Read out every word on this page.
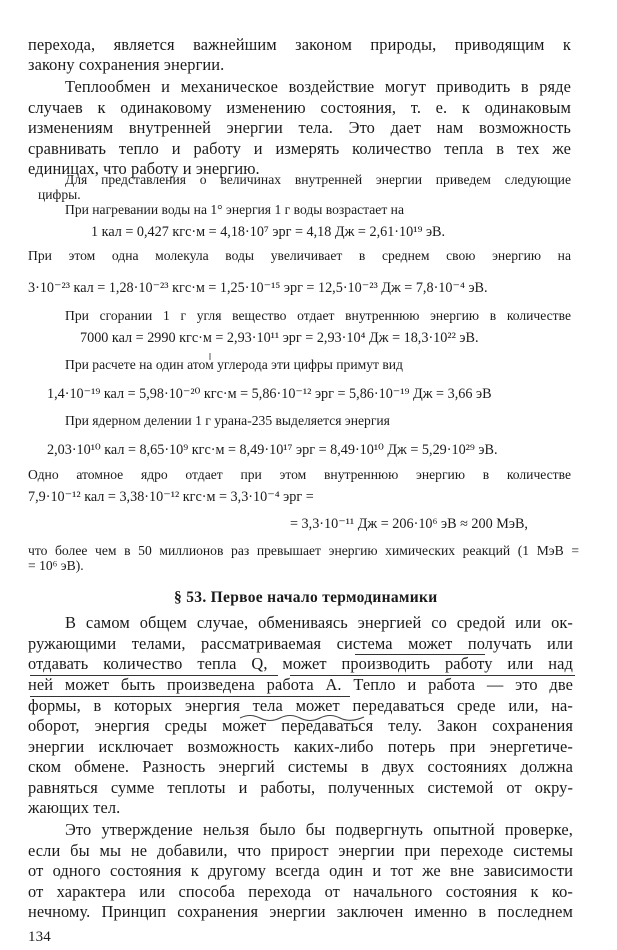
перехода, является важнейшим законом природы, приводящим к
закону сохранения энергии.
Теплообмен и механическое воздействие могут приводить в ряде
случаев к одинаковому изменению состояния, т. е. к одинаковым
изменениям внутренней энергии тела. Это дает нам возможность
сравнивать тепло и работу и измерять количество тепла в тех же
единицах, что работу и энергию.
Для представления о величинах внутренней энергии приведем следующие
цифры.
При нагревании воды на 1° энергия 1 г воды возрастает на
1 кал = 0,427 кгс·м = 4,18·10⁷ эрг = 4,18 Дж = 2,61·10¹⁹ эВ.
При этом одна молекула воды увеличивает в среднем свою энергию на
3·10⁻²³ кал = 1,28·10⁻²³ кгс·м = 1,25·10⁻¹⁵ эрг = 12,5·10⁻²³ Дж = 7,8·10⁻⁴ эВ.
При сгорании 1 г угля вещество отдает внутреннюю энергию в количестве
7000 кал = 2990 кгс·м = 2,93·10¹¹ эрг = 2,93·10⁴ Дж = 18,3·10²² эВ.
При расчете на один атом углерода эти цифры примут вид
1,4·10⁻¹⁹ кал = 5,98·10⁻²⁰ кгс·м = 5,86·10⁻¹² эрг = 5,86·10⁻¹⁹ Дж = 3,66 эВ
При ядерном делении 1 г урана-235 выделяется энергия
2,03·10¹⁰ кал = 8,65·10⁹ кгс·м = 8,49·10¹⁷ эрг = 8,49·10¹⁰ Дж = 5,29·10²⁹ эВ.
Одно атомное ядро отдает при этом внутреннюю энергию в количестве
7,9·10⁻¹² кал = 3,38·10⁻¹² кгс·м = 3,3·10⁻⁴ эрг =
= 3,3·10⁻¹¹ Дж = 206·10⁶ эВ ≈ 200 МэВ,
что более чем в 50 миллионов раз превышает энергию химических реакций (1 МэВ =
= 10⁶ эВ).
§ 53. Первое начало термодинамики
В самом общем случае, обмениваясь энергией со средой или ок-
ружающими телами, рассматриваемая система может получать или
отдавать количество тепла Q, может производить работу или над
ней может быть произведена работа A. Тепло и работа — это две
формы, в которых энергия тела может передаваться среде или, на-
оборот, энергия среды может передаваться телу. Закон сохранения
энергии исключает возможность каких-либо потерь при энергетиче-
ском обмене. Разность энергий системы в двух состояниях должна
равняться сумме теплоты и работы, полученных системой от окру-
жающих тел.
Это утверждение нельзя было бы подвергнуть опытной проверке,
если бы мы не добавили, что прирост энергии при переходе системы
от одного состояния к другому всегда один и тот же вне зависимости
от характера или способа перехода от начального состояния к ко-
нечному. Принцип сохранения энергии заключен именно в последнем
134
